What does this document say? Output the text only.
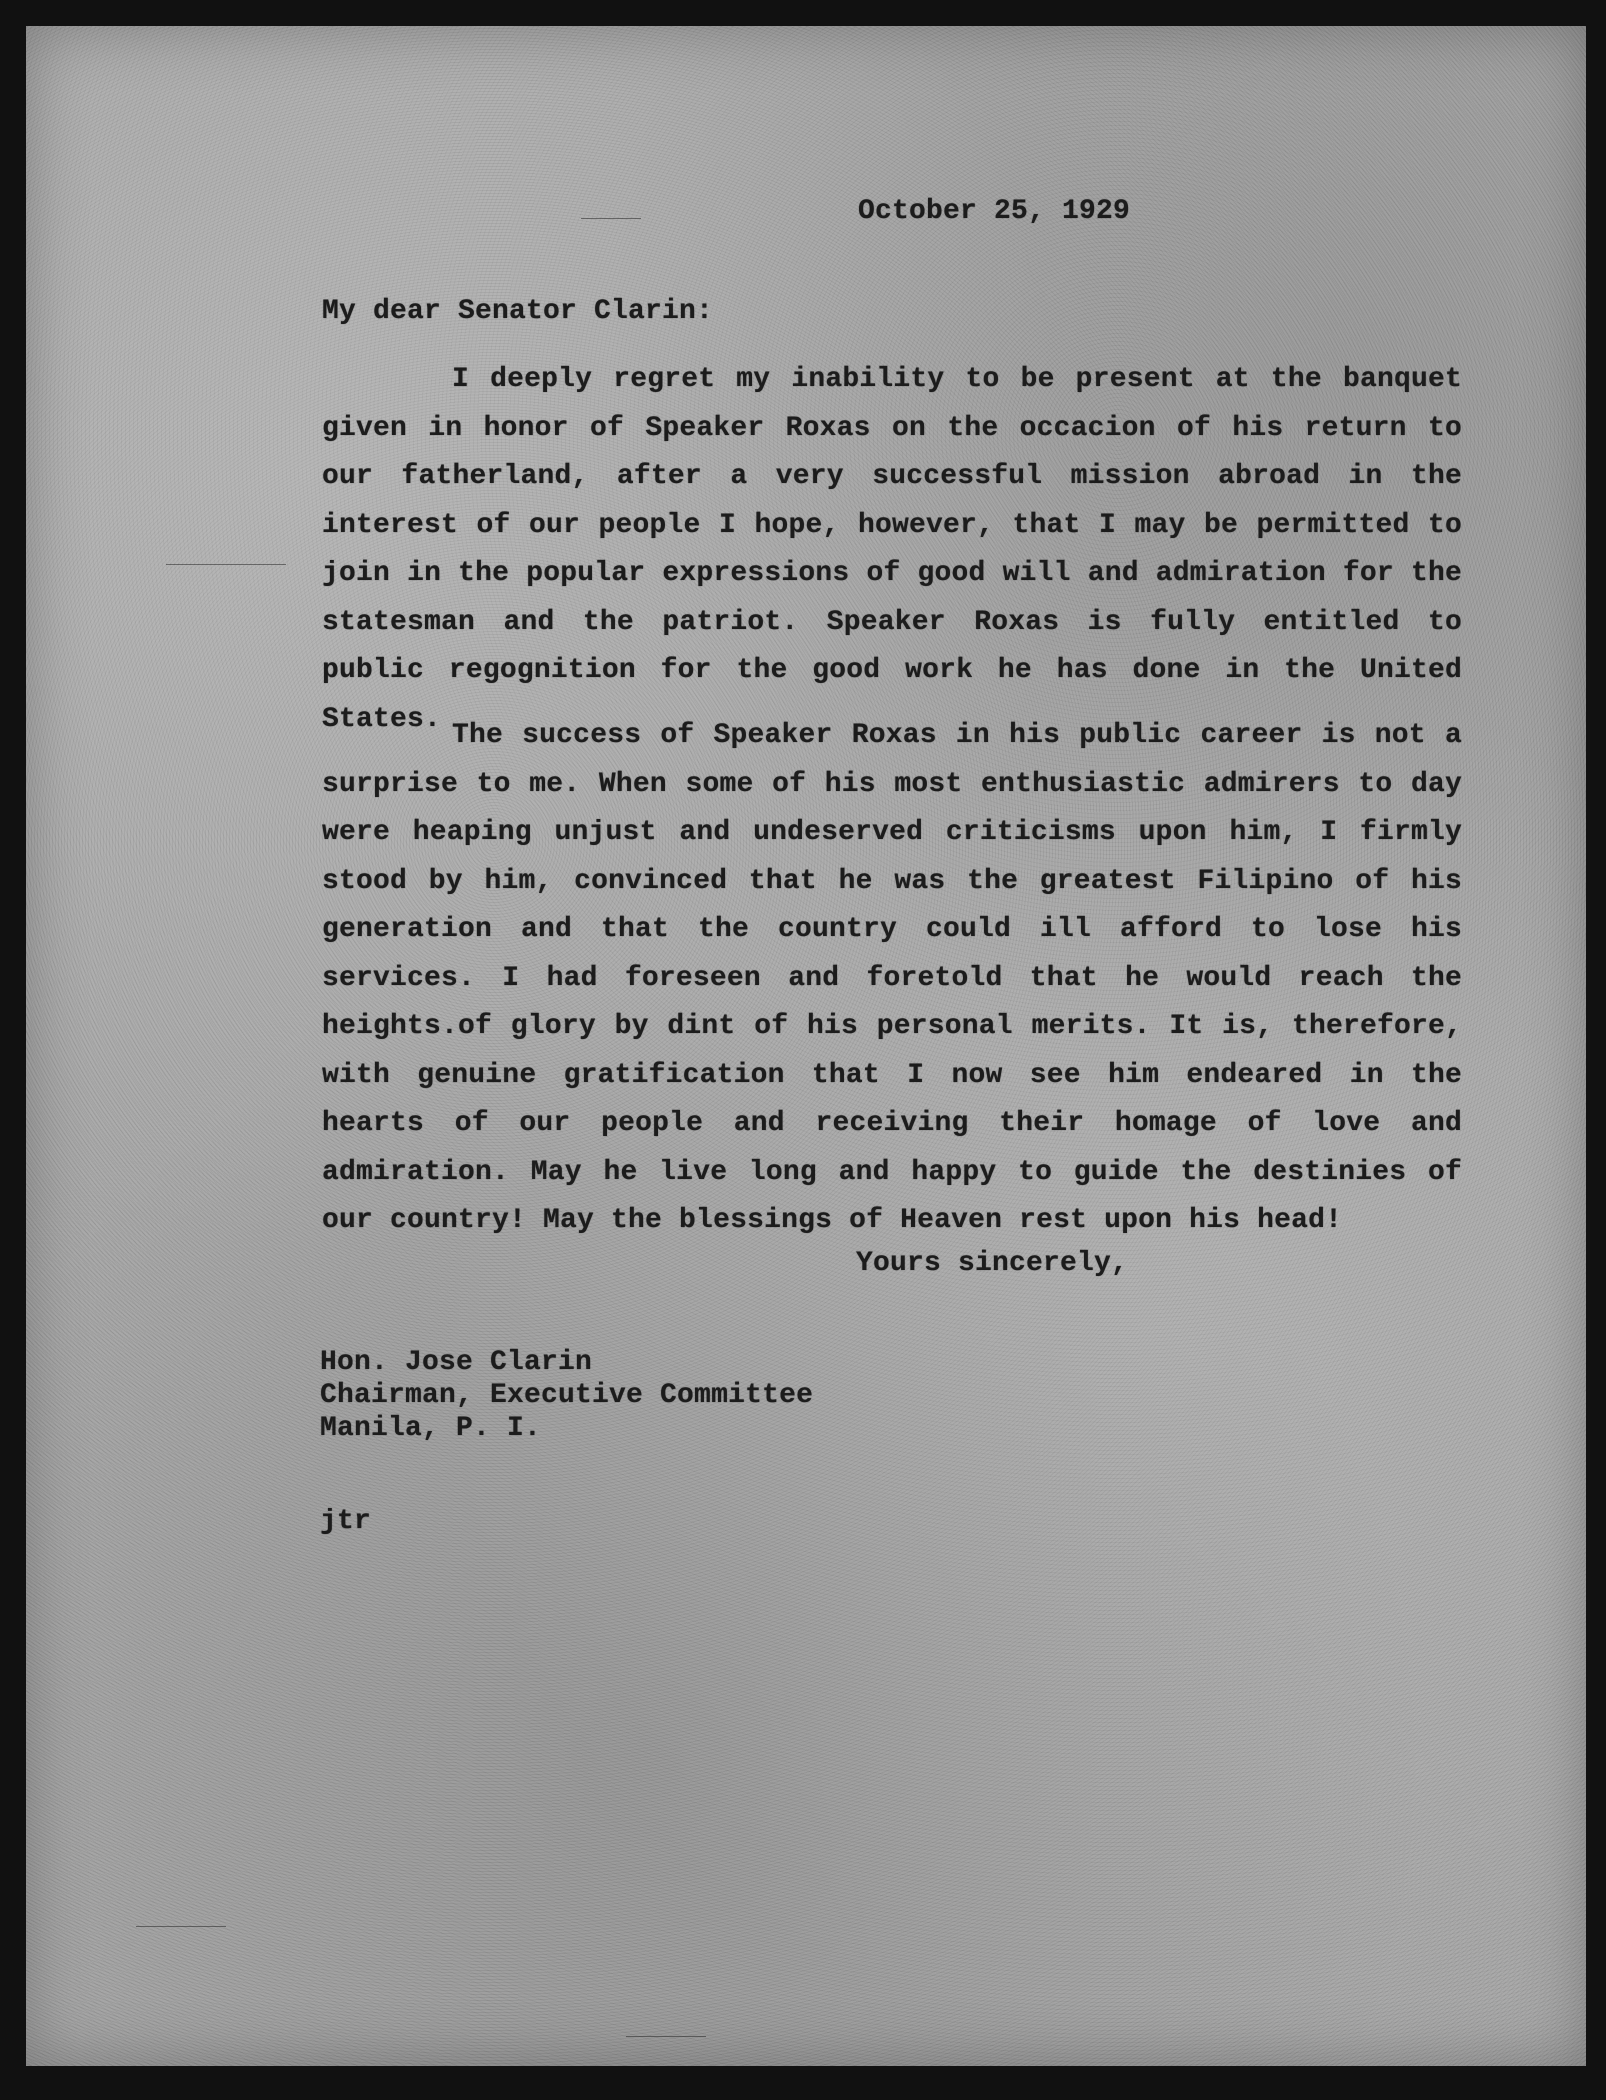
October 25, 1929

My dear Senator Clarin:

I deeply regret my inability to be present at the banquet given in honor of Speaker Roxas on the occacion of his return to our fatherland, after a very successful mission abroad in the interest of our people I hope, however, that I may be permitted to join in the popular expressions of good will and admiration for the statesman and the patriot. Speaker Roxas is fully entitled to public regognition for the good work he has done in the United States.

The success of Speaker Roxas in his public career is not a surprise to me. When some of his most enthusiastic admirers to day were heaping unjust and undeserved criticisms upon him, I firmly stood by him, convinced that he was the greatest Filipino of his generation and that the country could ill afford to lose his services. I had foreseen and foretold that he would reach the heights.of glory by dint of his personal merits. It is, therefore, with genuine gratification that I now see him endeared in the hearts of our people and receiving their homage of love and admiration. May he live long and happy to guide the destinies of our country! May the blessings of Heaven rest upon his head!

Yours sincerely,

Hon. Jose Clarin
Chairman, Executive Committee
Manila, P. I.

jtr
